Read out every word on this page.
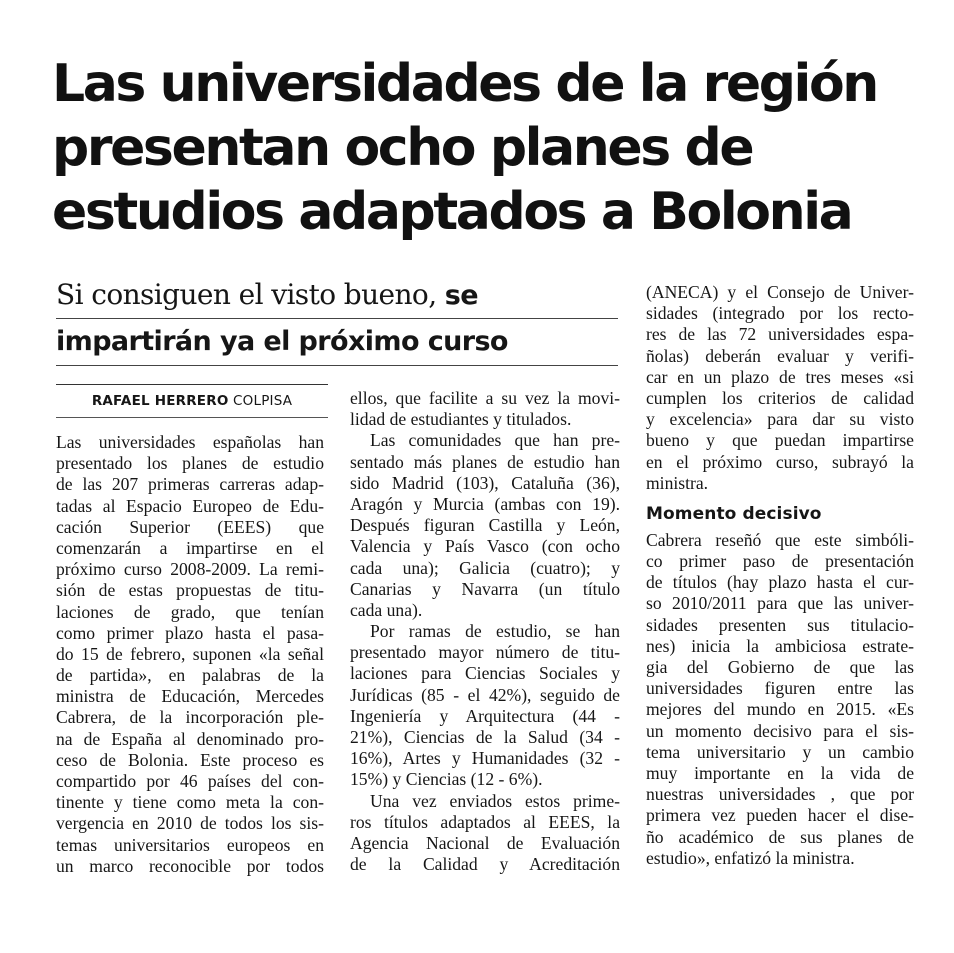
Las universidades de la región
presentan ocho planes de
estudios adaptados a Bolonia
Si consiguen el visto bueno, se
impartirán ya el próximo curso
RAFAEL HERRERO COLPISA
Las universidades españolas han
presentado los planes de estudio
de las 207 primeras carreras adap-
tadas al Espacio Europeo de Edu-
cación Superior (EEES) que
comenzarán a impartirse en el
próximo curso 2008-2009. La remi-
sión de estas propuestas de titu-
laciones de grado, que tenían
como primer plazo hasta el pasa-
do 15 de febrero, suponen «la señal
de partida», en palabras de la
ministra de Educación, Mercedes
Cabrera, de la incorporación ple-
na de España al denominado pro-
ceso de Bolonia. Este proceso es
compartido por 46 países del con-
tinente y tiene como meta la con-
vergencia en 2010 de todos los sis-
temas universitarios europeos en
un marco reconocible por todos
ellos, que facilite a su vez la movi-
lidad de estudiantes y titulados.
Las comunidades que han pre-
sentado más planes de estudio han
sido Madrid (103), Cataluña (36),
Aragón y Murcia (ambas con 19).
Después figuran Castilla y León,
Valencia y País Vasco (con ocho
cada una); Galicia (cuatro); y
Canarias y Navarra (un título
cada una).
Por ramas de estudio, se han
presentado mayor número de titu-
laciones para Ciencias Sociales y
Jurídicas (85 - el 42%), seguido de
Ingeniería y Arquitectura (44 -
21%), Ciencias de la Salud (34 -
16%), Artes y Humanidades (32 -
15%) y Ciencias (12 - 6%).
Una vez enviados estos prime-
ros títulos adaptados al EEES, la
Agencia Nacional de Evaluación
de la Calidad y Acreditación
(ANECA) y el Consejo de Univer-
sidades (integrado por los recto-
res de las 72 universidades espa-
ñolas) deberán evaluar y verifi-
car en un plazo de tres meses «si
cumplen los criterios de calidad
y excelencia» para dar su visto
bueno y que puedan impartirse
en el próximo curso, subrayó la
ministra.
Momento decisivo
Cabrera reseñó que este simbóli-
co primer paso de presentación
de títulos (hay plazo hasta el cur-
so 2010/2011 para que las univer-
sidades presenten sus titulacio-
nes) inicia la ambiciosa estrate-
gia del Gobierno de que las
universidades figuren entre las
mejores del mundo en 2015. «Es
un momento decisivo para el sis-
tema universitario y un cambio
muy importante en la vida de
nuestras universidades , que por
primera vez pueden hacer el dise-
ño académico de sus planes de
estudio», enfatizó la ministra.
